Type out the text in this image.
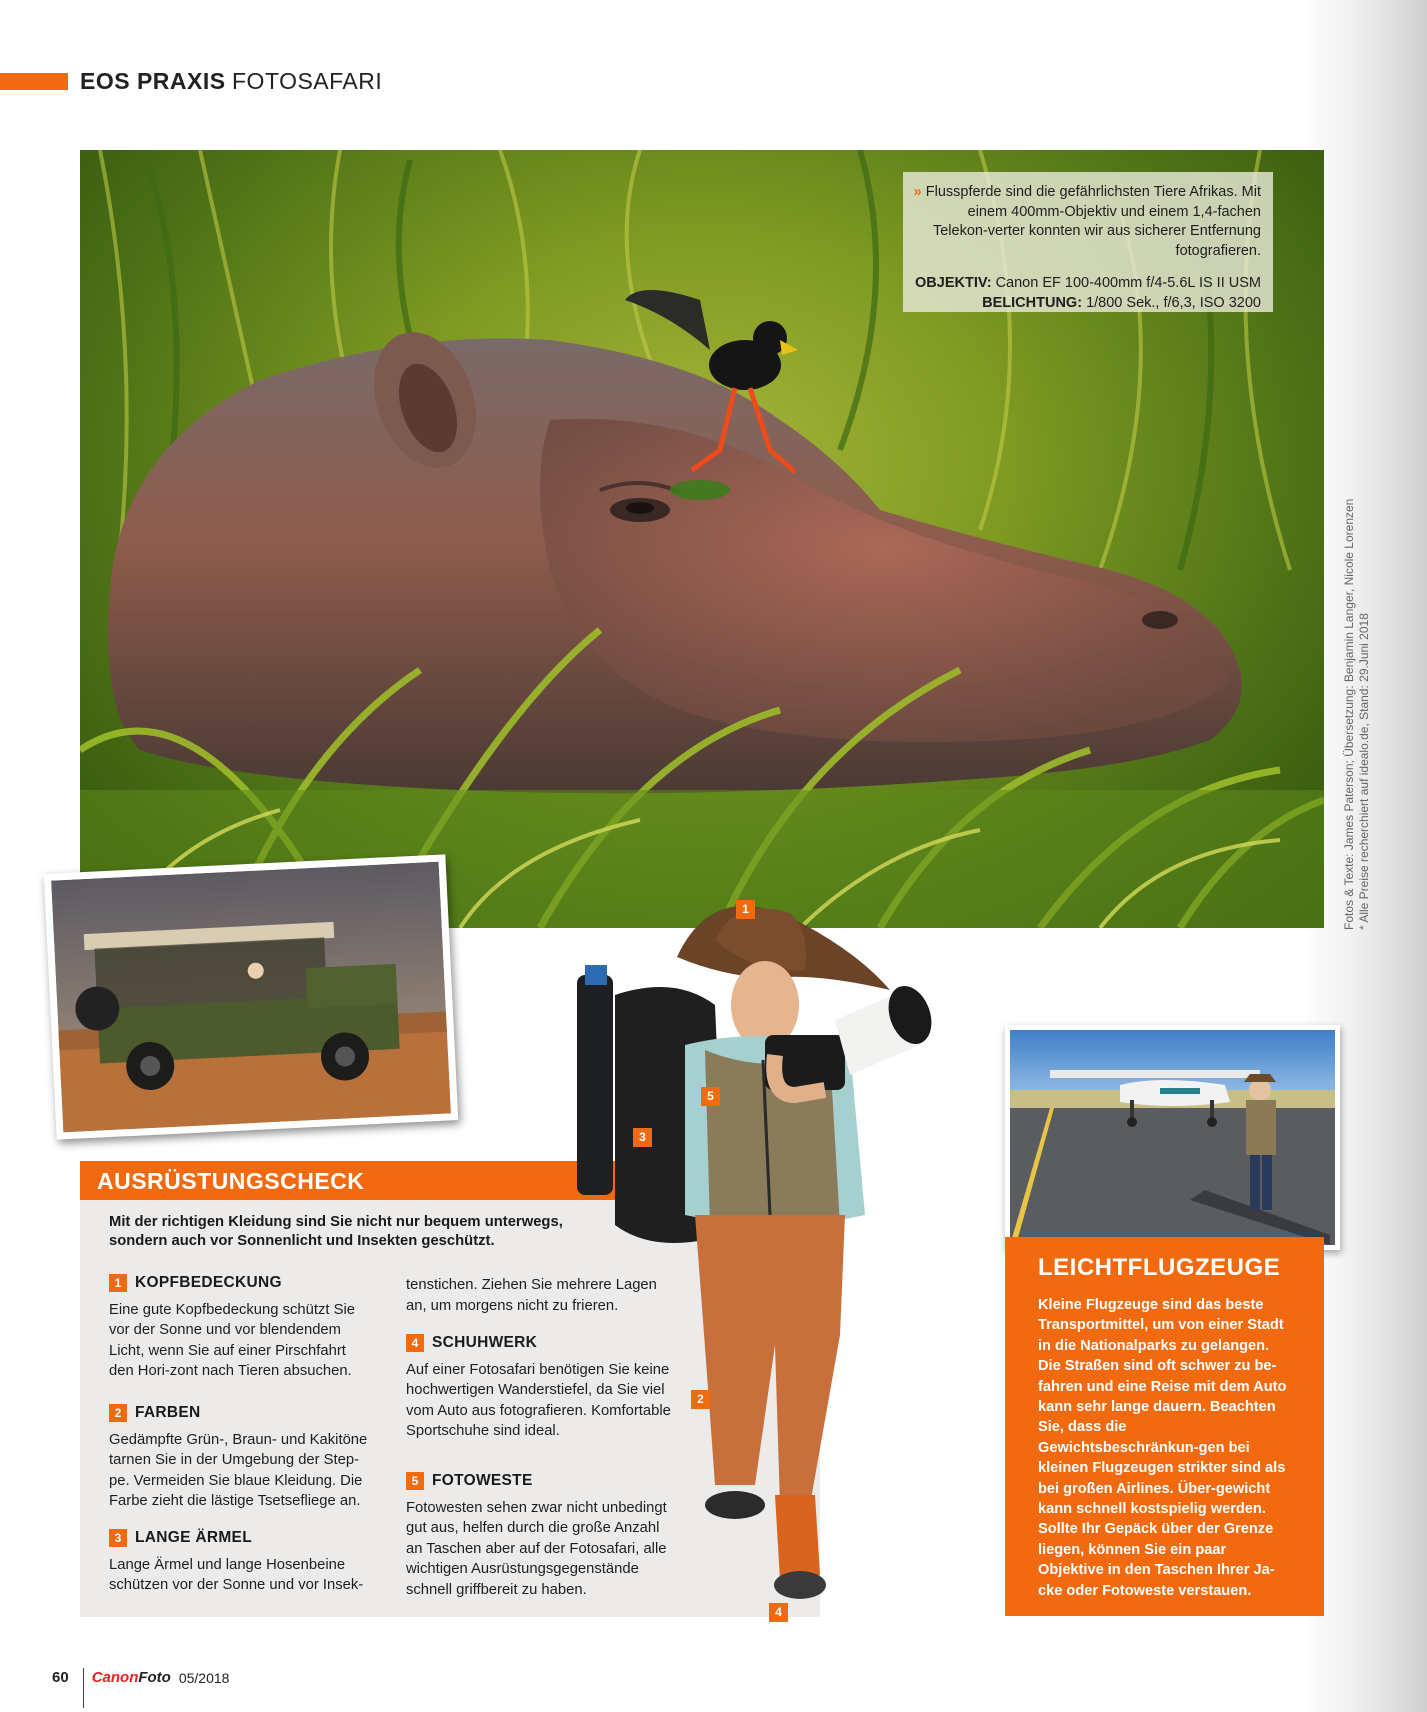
EOS PRAXIS FOTOSAFARI
» Flusspferde sind die gefährlichsten Tiere Afrikas. Mit einem 400mm-Objektiv und einem 1,4-fachen Telekon-verter konnten wir aus sicherer Entfernung fotografieren.
OBJEKTIV: Canon EF 100-400mm f/4-5.6L IS II USM
BELICHTUNG: 1/800 Sek., f/6,3, ISO 3200
Fotos & Texte: James Paterson; Übersetzung: Benjamin Langer, Nicole Lorenzen * Alle Preise recherchiert auf idealo.de, Stand: 29.Juni 2018
AUSRÜSTUNGSCHECK
Mit der richtigen Kleidung sind Sie nicht nur bequem unterwegs, sondern auch vor Sonnenlicht und Insekten geschützt.
1 KOPFBEDECKUNG
Eine gute Kopfbedeckung schützt Sie vor der Sonne und vor blendendem Licht, wenn Sie auf einer Pirschfahrt den Hori-zont nach Tieren absuchen.
2 FARBEN
Gedämpfte Grün-, Braun- und Kakitöne tarnen Sie in der Umgebung der Step-pe. Vermeiden Sie blaue Kleidung. Die Farbe zieht die lästige Tsetsefliege an.
3 LANGE ÄRMEL
Lange Ärmel und lange Hosenbeine schützen vor der Sonne und vor Insek-
tenstichen. Ziehen Sie mehrere Lagen an, um morgens nicht zu frieren.
4 SCHUHWERK
Auf einer Fotosafari benötigen Sie keine hochwertigen Wanderstiefel, da Sie viel vom Auto aus fotografieren. Komfortable Sportschuhe sind ideal.
5 FOTOWESTE
Fotowesten sehen zwar nicht unbedingt gut aus, helfen durch die große Anzahl an Taschen aber auf der Fotosafari, alle wichtigen Ausrüstungsgegenstände schnell griffbereit zu haben.
1
2
3
4
5
LEICHTFLUGZEUGE
Kleine Flugzeuge sind das beste Transportmittel, um von einer Stadt in die Nationalparks zu gelangen. Die Straßen sind oft schwer zu be-fahren und eine Reise mit dem Auto kann sehr lange dauern. Beachten Sie, dass die Gewichtsbeschränkun-gen bei kleinen Flugzeugen strikter sind als bei großen Airlines. Über-gewicht kann schnell kostspielig werden. Sollte Ihr Gepäck über der Grenze liegen, können Sie ein paar Objektive in den Taschen Ihrer Ja-cke oder Fotoweste verstauen.
60 CanonFoto 05/2018
